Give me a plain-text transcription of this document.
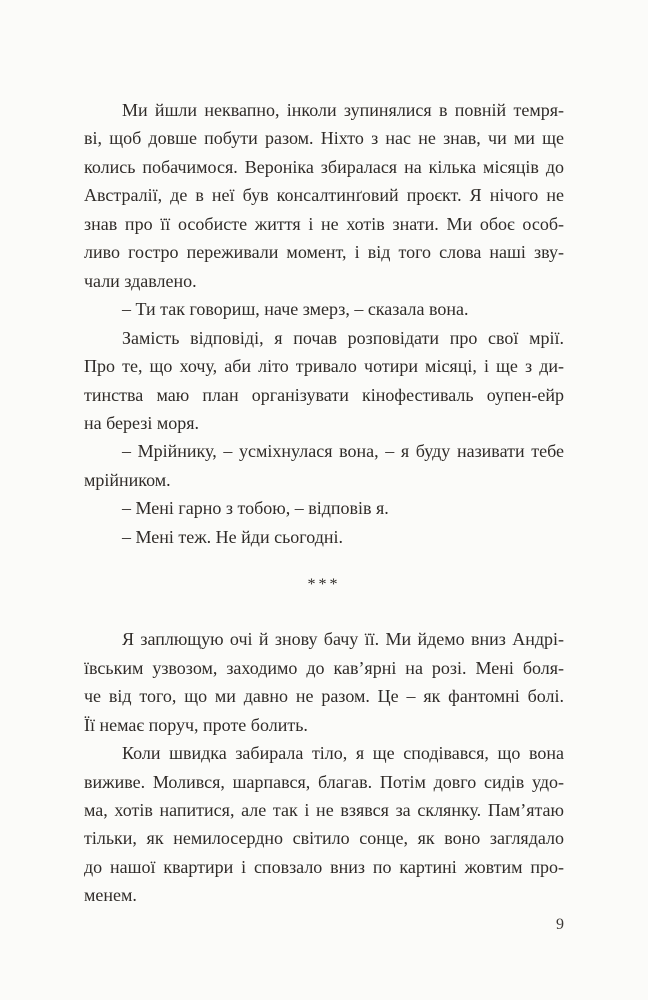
Ми йшли неквапно, інколи зупинялися в повній темря-
ві, щоб довше побути разом. Ніхто з нас не знав, чи ми ще
колись побачимося. Вероніка збиралася на кілька місяців до
Австралії, де в неї був консалтинґовий проєкт. Я нічого не
знав про її особисте життя і не хотів знати. Ми обоє особ-
ливо гостро переживали момент, і від того слова наші зву-
чали здавлено.
– Ти так говориш, наче змерз, – сказала вона.
Замість відповіді, я почав розповідати про свої мрії.
Про те, що хочу, аби літо тривало чотири місяці, і ще з ди-
тинства маю план організувати кінофестиваль оупен-ейр
на березі моря.
– Мрійнику, – усміхнулася вона, – я буду називати тебе
мрійником.
– Мені гарно з тобою, – відповів я.
– Мені теж. Не йди сьогодні.
***
Я заплющую очі й знову бачу її. Ми йдемо вниз Андрі-
ївським узвозом, заходимо до кав’ярні на розі. Мені боля-
че від того, що ми давно не разом. Це – як фантомні болі.
Її немає поруч, проте болить.
Коли швидка забирала тіло, я ще сподівався, що вона
виживе. Молився, шарпався, благав. Потім довго сидів удо-
ма, хотів напитися, але так і не взявся за склянку. Пам’ятаю
тільки, як немилосердно світило сонце, як воно заглядало
до нашої квартири і сповзало вниз по картині жовтим про-
менем.
9
